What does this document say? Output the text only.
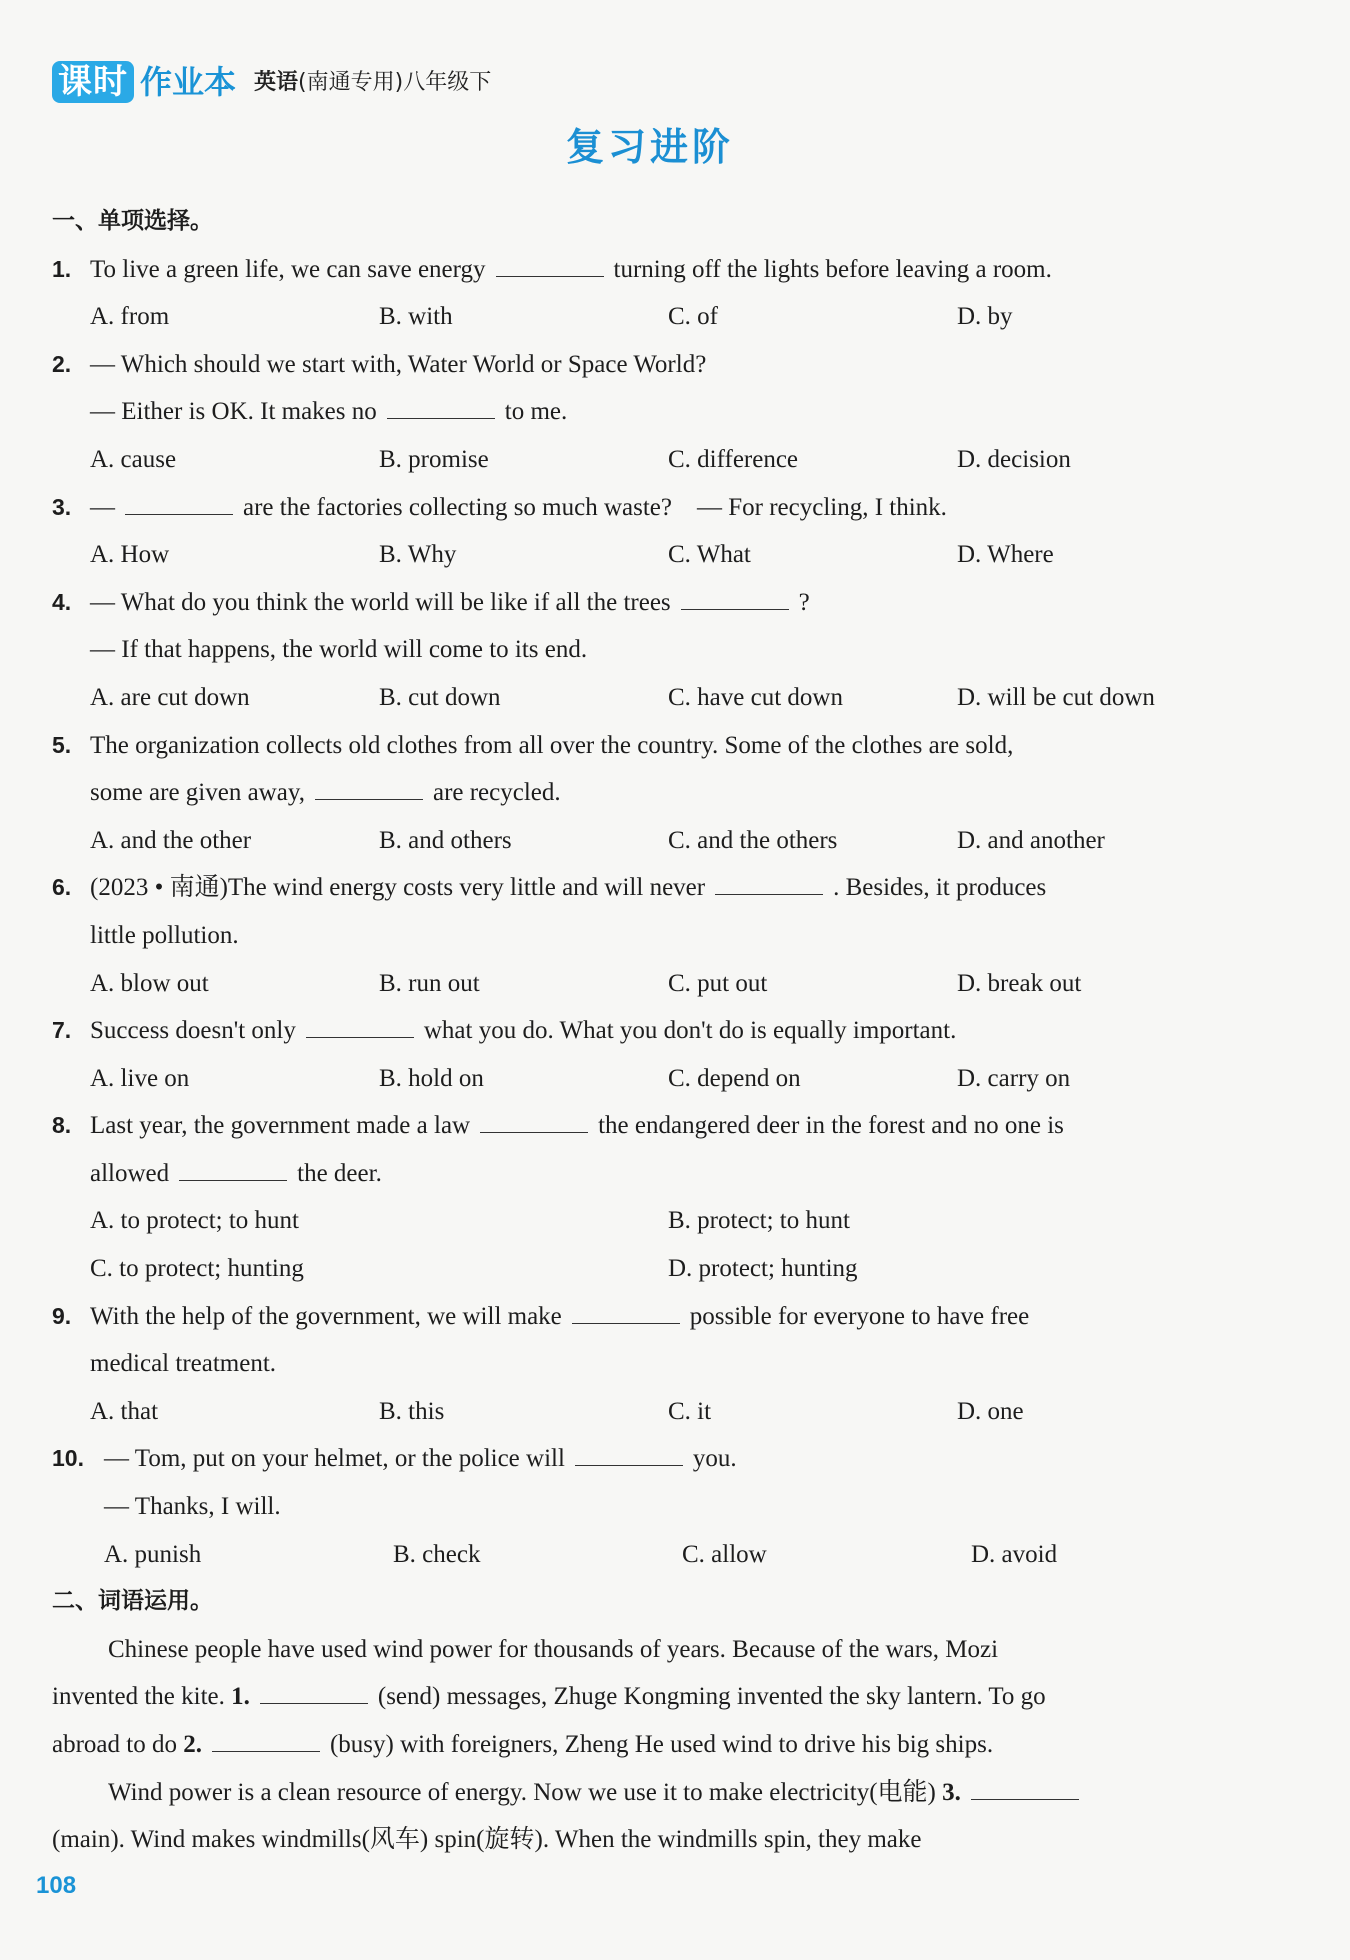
课时 作业本 英语(南通专用)八年级下
复习进阶
一、单项选择。
1. To live a green life, we can save energy	turning off the lights before leaving a room.
A. from	B. with	C. of	D. by
2. — Which should we start with, Water World or Space World?
— Either is OK. It makes no	to me.
A. cause	B. promise	C. difference	D. decision
3. —	are the factories collecting so much waste? — For recycling, I think.
A. How	B. Why	C. What	D. Where
4. — What do you think the world will be like if all the trees	?
— If that happens, the world will come to its end.
A. are cut down	B. cut down	C. have cut down	D. will be cut down
5. The organization collects old clothes from all over the country. Some of the clothes are sold,
some are given away,	are recycled.
A. and the other	B. and others	C. and the others	D. and another
6. (2023 • 南通)The wind energy costs very little and will never	. Besides, it produces
little pollution.
A. blow out	B. run out	C. put out	D. break out
7. Success doesn't only	what you do. What you don't do is equally important.
A. live on	B. hold on	C. depend on	D. carry on
8. Last year, the government made a law	the endangered deer in the forest and no one is
allowed	the deer.
A. to protect; to hunt	B. protect; to hunt
C. to protect; hunting	D. protect; hunting
9. With the help of the government, we will make	possible for everyone to have free
medical treatment.
A. that	B. this	C. it	D. one
10. — Tom, put on your helmet, or the police will	you.
— Thanks, I will.
A. punish	B. check	C. allow	D. avoid
二、词语运用。
Chinese people have used wind power for thousands of years. Because of the wars, Mozi
invented the kite. 1.	(send) messages, Zhuge Kongming invented the sky lantern. To go
abroad to do 2.	(busy) with foreigners, Zheng He used wind to drive his big ships.
Wind power is a clean resource of energy. Now we use it to make electricity(电能) 3.
(main). Wind makes windmills(风车) spin(旋转). When the windmills spin, they make
108
